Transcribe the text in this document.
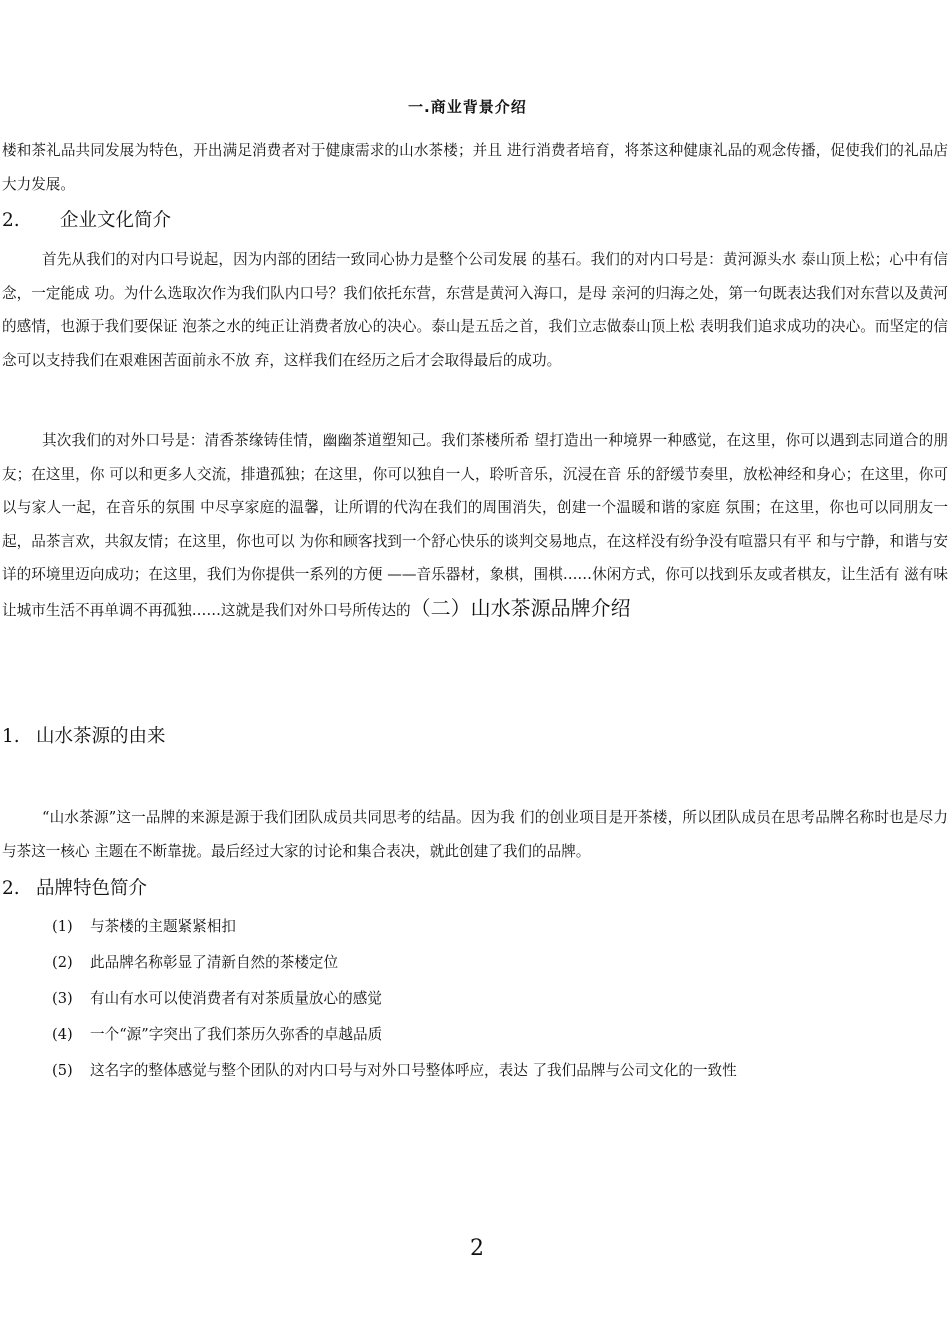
一.商业背景介绍

楼和茶礼品共同发展为特色，开出满足消费者对于健康需求的山水茶楼；并且 进行消费者培育，将茶这种健康礼品的观念传播，促使我们的礼品店大力发展。

2. 企业文化简介

首先从我们的对内口号说起，因为内部的团结一致同心协力是整个公司发展 的基石。我们的对内口号是：黄河源头水 泰山顶上松；心中有信念，一定能成 功。为什么选取次作为我们队内口号？我们依托东营，东营是黄河入海口，是母 亲河的归海之处，第一句既表达我们对东营以及黄河的感情，也源于我们要保证 泡茶之水的纯正让消费者放心的决心。泰山是五岳之首，我们立志做泰山顶上松 表明我们追求成功的决心。而坚定的信念可以支持我们在艰难困苦面前永不放 弃，这样我们在经历之后才会取得最后的成功。

其次我们的对外口号是：清香茶缘铸佳情，幽幽茶道塑知己。我们茶楼所希 望打造出一种境界一种感觉，在这里，你可以遇到志同道合的朋友；在这里，你 可以和更多人交流，排遣孤独；在这里，你可以独自一人，聆听音乐，沉浸在音 乐的舒缓节奏里，放松神经和身心；在这里，你可以与家人一起，在音乐的氛围 中尽享家庭的温馨，让所谓的代沟在我们的周围消失，创建一个温暖和谐的家庭 氛围；在这里，你也可以同朋友一起，品茶言欢，共叙友情；在这里，你也可以 为你和顾客找到一个舒心快乐的谈判交易地点，在这样没有纷争没有喧嚣只有平 和与宁静，和谐与安详的环境里迈向成功；在这里，我们为你提供一系列的方便 ——音乐器材，象棋，围棋……休闲方式，你可以找到乐友或者棋友，让生活有 滋有味让城市生活不再单调不再孤独……这就是我们对外口号所传达的（二）山水茶源品牌介绍

1. 山水茶源的由来

“山水茶源”这一品牌的来源是源于我们团队成员共同思考的结晶。因为我 们的创业项目是开茶楼，所以团队成员在思考品牌名称时也是尽力与茶这一核心 主题在不断靠拢。最后经过大家的讨论和集合表决，就此创建了我们的品牌。

2. 品牌特色简介
(1) 与茶楼的主题紧紧相扣
(2) 此品牌名称彰显了清新自然的茶楼定位
(3) 有山有水可以使消费者有对茶质量放心的感觉
(4) 一个“源”字突出了我们茶历久弥香的卓越品质
(5) 这名字的整体感觉与整个团队的对内口号与对外口号整体呼应，表达 了我们品牌与公司文化的一致性
2
